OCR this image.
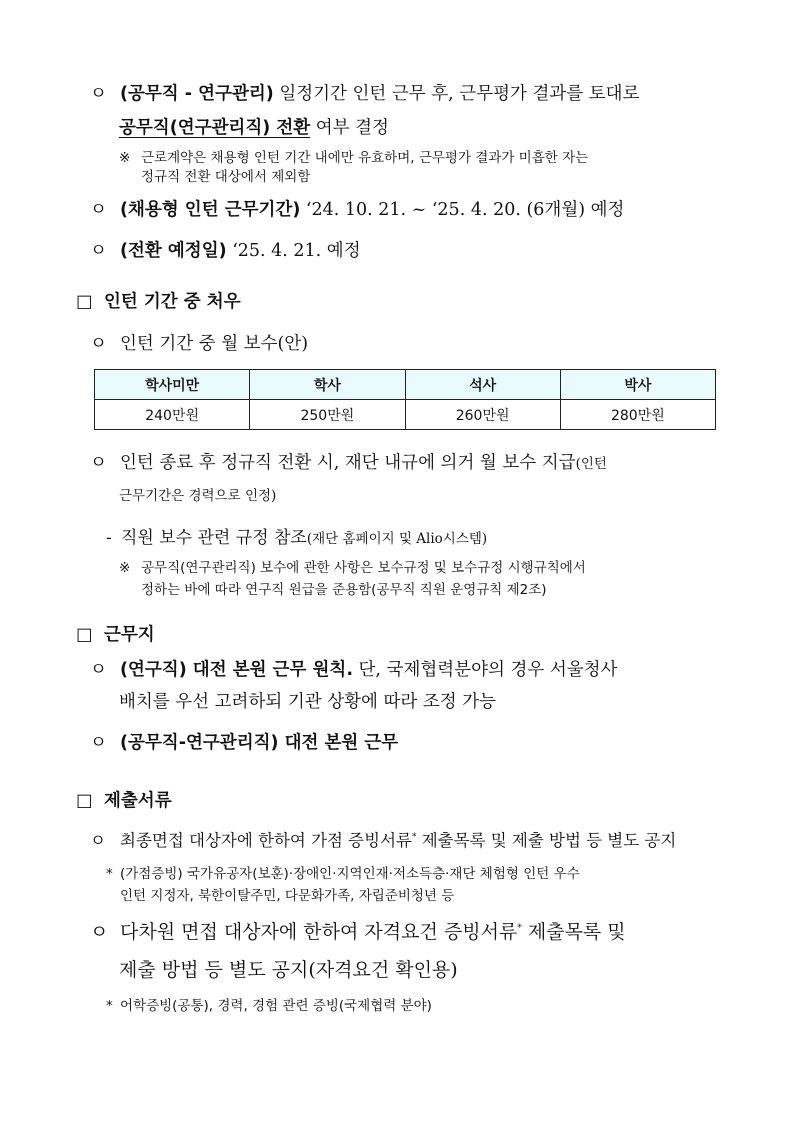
ㅇ (공무직 - 연구관리) 일정기간 인턴 근무 후, 근무평가 결과를 토대로
공무직(연구관리직) 전환 여부 결정
※ 근로계약은 채용형 인턴 기간 내에만 유효하며, 근무평가 결과가 미흡한 자는
정규직 전환 대상에서 제외함
ㅇ (채용형 인턴 근무기간) ‘24. 10. 21. ~ ‘25. 4. 20. (6개월) 예정
ㅇ (전환 예정일) ‘25. 4. 21. 예정
□ 인턴 기간 중 처우
ㅇ 인턴 기간 중 월 보수(안)
학사미만	학사	석사	박사
240만원	250만원	260만원	280만원
ㅇ 인턴 종료 후 정규직 전환 시, 재단 내규에 의거 월 보수 지급(인턴
근무기간은 경력으로 인정)
- 직원 보수 관련 규정 참조(재단 홈페이지 및 Alio시스템)
※ 공무직(연구관리직) 보수에 관한 사항은 보수규정 및 보수규정 시행규칙에서
정하는 바에 따라 연구직 원급을 준용함(공무직 직원 운영규칙 제2조)
□ 근무지
ㅇ (연구직) 대전 본원 근무 원칙. 단, 국제협력분야의 경우 서울청사
배치를 우선 고려하되 기관 상황에 따라 조정 가능
ㅇ (공무직-연구관리직) 대전 본원 근무
□ 제출서류
ㅇ 최종면접 대상자에 한하여 가점 증빙서류* 제출목록 및 제출 방법 등 별도 공지
* (가점증빙) 국가유공자(보훈)·장애인·지역인재·저소득층·재단 체험형 인턴 우수
인턴 지정자, 북한이탈주민, 다문화가족, 자립준비청년 등
ㅇ 다차원 면접 대상자에 한하여 자격요건 증빙서류* 제출목록 및
제출 방법 등 별도 공지(자격요건 확인용)
* 어학증빙(공통), 경력, 경험 관련 증빙(국제협력 분야)
